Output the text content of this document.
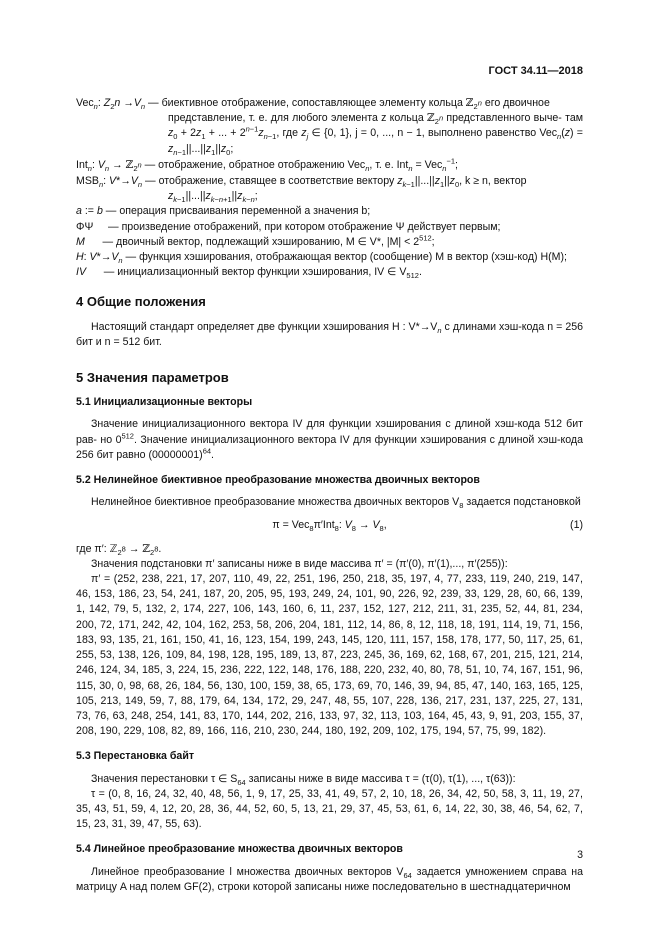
ГОСТ 34.11—2018
Vec$_n$: $Z_2n \to V_n$ — биективное отображение, сопоставляющее элементу кольца ℤ$_{2^n}$ его двоичное
представление, т. е. для любого элемента z кольца ℤ$_{2^n}$ представленного выче- там $z_0 + 2z_1$ + ... + $2^{n-1}z_{n-1}$, где $z_j$ ∈ {0, 1}, j = 0, ..., n − 1, выполнено равенство $Vec_n(z) = z_{n-1}||...||z_1||z_0$;
Int$_n$: $V_n$ → ℤ$_{2^n}$ — отображение, обратное отображению Vec$_n$, т. е. Int$_n$ = Vec$_n^{-1}$;
$MSB_n$: $V*\to V_n$ — отображение, ставящее в соответствие вектору $z_{k-1}||...||z_1||z_0$, k ≥ n, вектор
$z_{k-1}||...||z_{k-n+1}||z_{k-n}$;
a := b — операция присваивания переменной a значения b;
ΦΨ     — произведение отображений, при котором отображение Ψ действует первым;
M — двоичный вектор, подлежащий хэшированию, M ∈ V*, $|M| < 2^{512}$;
H: $V*\to V_n$ — функция хэширования, отображающая вектор (сообщение) M в вектор (хэш-код) H(M);
IV — инициализационный вектор функции хэширования, IV ∈ $V_{512}$.
4 Общие положения

Настоящий стандарт определяет две функции хэширования H : $V*\to V_n$ с длинами хэш-кода n = 256 бит и n = 512 бит.

5 Значения параметров
5.1 Инициализационные векторы

Значение инициализационного вектора IV для функции хэширования с длиной хэш-кода 512 бит рав- но $0^{512}$. Значение инициализационного вектора IV для функции хэширования с длиной хэш-кода 256 бит равно $(00000001)^{64}$.

5.2 Нелинейное биективное преобразование множества двоичных векторов

Нелинейное биективное преобразование множества двоичных векторов $V_8$ задается подстановкой

π = Vec$_8$π′Int$_8$: $V_8 \to V_8$,	(1)

где π′: ℤ$_{2^8}$ → ℤ$_{2^8}$.

Значения подстановки π′ записаны ниже в виде массива π′ = (π′(0), π′(1),..., π′(255)):

π′ = (252, 238, 221, 17, 207, 110, 49, 22, 251, 196, 250, 218, 35, 197, 4, 77, 233, 119, 240, 219, 147, 46, 153, 186, 23, 54, 241, 187, 20, 205, 95, 193, 249, 24, 101, 90, 226, 92, 239, 33, 129, 28, 60, 66, 139, 1, 142, 79, 5, 132, 2, 174, 227, 106, 143, 160, 6, 11, 237, 152, 127, 212, 211, 31, 235, 52, 44, 81, 234, 200, 72, 171, 242, 42, 104, 162, 253, 58, 206, 204, 181, 112, 14, 86, 8, 12, 118, 18, 191, 114, 19, 71, 156, 183, 93, 135, 21, 161, 150, 41, 16, 123, 154, 199, 243, 145, 120, 111, 157, 158, 178, 177, 50, 117, 25, 61, 255, 53, 138, 126, 109, 84, 198, 128, 195, 189, 13, 87, 223, 245, 36, 169, 62, 168, 67, 201, 215, 121, 214, 246, 124, 34, 185, 3, 224, 15, 236, 222, 122, 148, 176, 188, 220, 232, 40, 80, 78, 51, 10, 74, 167, 151, 96, 115, 30, 0, 98, 68, 26, 184, 56, 130, 100, 159, 38, 65, 173, 69, 70, 146, 39, 94, 85, 47, 140, 163, 165, 125, 105, 213, 149, 59, 7, 88, 179, 64, 134, 172, 29, 247, 48, 55, 107, 228, 136, 217, 231, 137, 225, 27, 131, 73, 76, 63, 248, 254, 141, 83, 170, 144, 202, 216, 133, 97, 32, 113, 103, 164, 45, 43, 9, 91, 203, 155, 37, 208, 190, 229, 108, 82, 89, 166, 116, 210, 230, 244, 180, 192, 209, 102, 175, 194, 57, 75, 99, 182).

5.3 Перестановка байт

Значения перестановки τ ∈ $S_{64}$ записаны ниже в виде массива τ = (τ(0), τ(1), ..., τ(63)):

τ = (0, 8, 16, 24, 32, 40, 48, 56, 1, 9, 17, 25, 33, 41, 49, 57, 2, 10, 18, 26, 34, 42, 50, 58, 3, 11, 19, 27, 35, 43, 51, 59, 4, 12, 20, 28, 36, 44, 52, 60, 5, 13, 21, 29, 37, 45, 53, 61, 6, 14, 22, 30, 38, 46, 54, 62, 7, 15, 23, 31, 39, 47, 55, 63).

5.4 Линейное преобразование множества двоичных векторов

Линейное преобразование l множества двоичных векторов $V_{64}$ задается умножением справа на матрицу A над полем GF(2), строки которой записаны ниже последовательно в шестнадцатеричном

3
